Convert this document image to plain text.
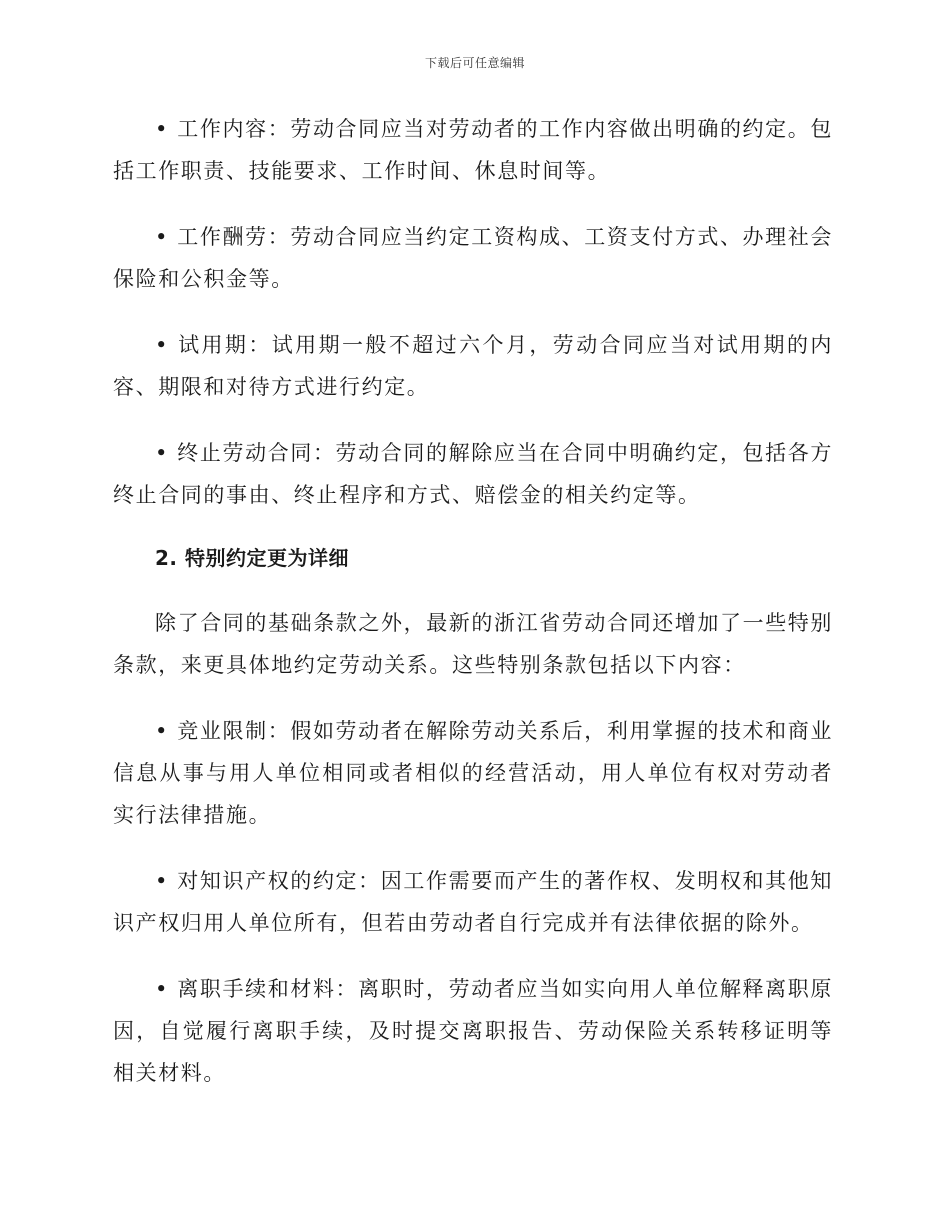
下载后可任意编辑

• 工作内容：劳动合同应当对劳动者的工作内容做出明确的约定。包括工作职责、技能要求、工作时间、休息时间等。

• 工作酬劳：劳动合同应当约定工资构成、工资支付方式、办理社会保险和公积金等。

• 试用期：试用期一般不超过六个月，劳动合同应当对试用期的内容、期限和对待方式进行约定。

• 终止劳动合同：劳动合同的解除应当在合同中明确约定，包括各方终止合同的事由、终止程序和方式、赔偿金的相关约定等。

2. 特别约定更为详细

除了合同的基础条款之外，最新的浙江省劳动合同还增加了一些特别条款，来更具体地约定劳动关系。这些特别条款包括以下内容：

• 竞业限制：假如劳动者在解除劳动关系后，利用掌握的技术和商业信息从事与用人单位相同或者相似的经营活动，用人单位有权对劳动者实行法律措施。

• 对知识产权的约定：因工作需要而产生的著作权、发明权和其他知识产权归用人单位所有，但若由劳动者自行完成并有法律依据的除外。

• 离职手续和材料：离职时，劳动者应当如实向用人单位解释离职原因，自觉履行离职手续，及时提交离职报告、劳动保险关系转移证明等相关材料。
